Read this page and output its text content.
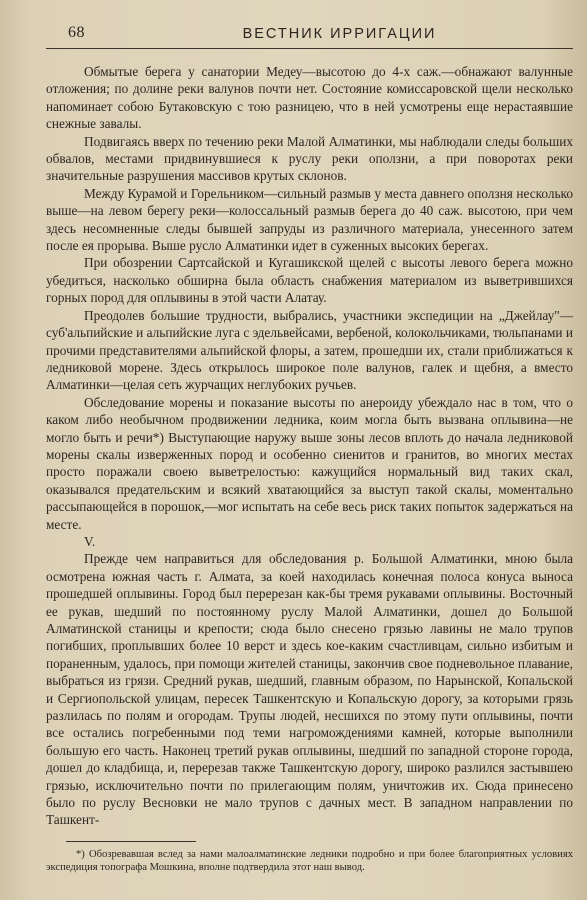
68	ВЕСТНИК ИРРИГАЦИИ

Обмытые берега у санатории Медеу—высотою до 4-х саж.—обнажают валунные отложения; по долине реки валунов почти нет. Состояние комиссаровской щели несколько напоминает собою Бутаковскую с тою разницею, что в ней усмотрены еще нерастаявшие снежные завалы.

Подвигаясь вверх по течению реки Малой Алматинки, мы наблюдали следы больших обвалов, местами придвинувшиеся к руслу реки оползни, а при поворотах реки значительные разрушения массивов крутых склонов.

Между Курамой и Горельником—сильный размыв у места давнего оползня несколько выше—на левом берегу реки—колоссальный размыв берега до 40 саж. высотою, при чем здесь несомненные следы бывшей запруды из различного материала, унесенного затем после ея прорыва. Выше русло Алматинки идет в суженных высоких берегах.

При обозрении Сартсайской и Кугашикской щелей с высоты левого берега можно убедиться, насколько обширна была область снабжения материалом из выветрившихся горных пород для оплывины в этой части Алатау.

Преодолев большие трудности, выбрались, участники экспедиции на „Джейлау"—суб'альпийские и альпийские луга с эдельвейсами, вербеной, колокольчиками, тюльпанами и прочими представителями альпийской флоры, а затем, прошедши их, стали приближаться к ледниковой морене. Здесь открылось широкое поле валунов, галек и щебня, а вместо Алматинки—целая сеть журчащих неглубоких ручьев.

Обследование морены и показание высоты по анероиду убеждало нас в том, что о каком либо необычном продвижении ледника, коим могла быть вызвана оплывина—не могло быть и речи*) Выступающие наружу выше зоны лесов вплоть до начала ледниковой морены скалы изверженных пород и особенно сиенитов и гранитов, во многих местах просто поражали своею выветрелостью: кажущийся нормальный вид таких скал, оказывался предательским и всякий хватающийся за выступ такой скалы, моментально рассыпающейся в порошок,—мог испытать на себе весь риск таких попыток задержаться на месте.

V.

Прежде чем направиться для обследования р. Большой Алматинки, мною была осмотрена южная часть г. Алмата, за коей находилась конечная полоса конуса выноса прошедшей оплывины. Город был перерезан как-бы тремя рукавами оплывины. Восточный ее рукав, шедший по постоянному руслу Малой Алматинки, дошел до Большой Алматинской станицы и крепости; сюда было снесено грязью лавины не мало трупов погибших, проплывших более 10 верст и здесь кое-каким счастливцам, сильно избитым и пораненным, удалось, при помощи жителей станицы, закончив свое подневольное плавание, выбраться из грязи. Средний рукав, шедший, главным образом, по Нарынской, Копальской и Сергиопольской улицам, пересек Ташкентскую и Копальскую дорогу, за которыми грязь разлилась по полям и огородам. Трупы людей, несшихся по этому пути оплывины, почти все остались погребенными под теми нагромождениями камней, которые выполнили большую его часть. Наконец третий рукав оплывины, шедший по западной стороне города, дошел до кладбища, и, перерезав также Ташкентскую дорогу, широко разлился застывшею грязью, исключительно почти по прилегающим полям, уничтожив их. Сюда принесено было по руслу Весновки не мало трупов с дачных мест. В западном направлении по Ташкент-

*) Обозревавшая вслед за нами малоалматинские ледники подробно и при более благоприятных условиях экспедиция топографа Мошкина, вполне подтвердила этот наш вывод.
